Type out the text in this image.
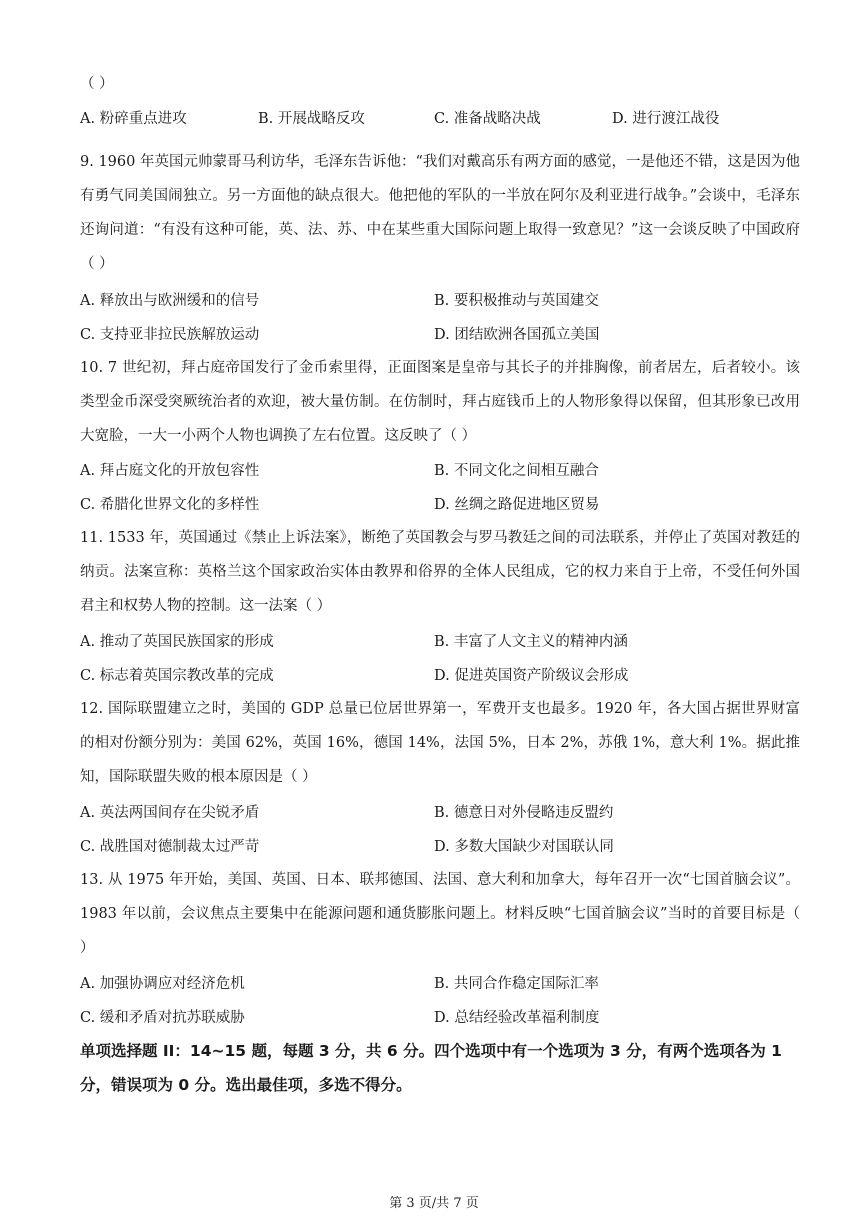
（ ）
A. 粉碎重点进攻	B. 开展战略反攻	C. 准备战略决战	D. 进行渡江战役
9. 1960 年英国元帅蒙哥马利访华，毛泽东告诉他：“我们对戴高乐有两方面的感觉，一是他还不错，这是因为他有勇气同美国闹独立。另一方面他的缺点很大。他把他的军队的一半放在阿尔及利亚进行战争。”会谈中，毛泽东还询问道：“有没有这种可能，英、法、苏、中在某些重大国际问题上取得一致意见？”这一会谈反映了中国政府（ ）
A. 释放出与欧洲缓和的信号	B. 要积极推动与英国建交
C. 支持亚非拉民族解放运动	D. 团结欧洲各国孤立美国
10. 7 世纪初，拜占庭帝国发行了金币索里得，正面图案是皇帝与其长子的并排胸像，前者居左，后者较小。该类型金币深受突厥统治者的欢迎，被大量仿制。在仿制时，拜占庭钱币上的人物形象得以保留，但其形象已改用大宽脸，一大一小两个人物也调换了左右位置。这反映了（ ）
A. 拜占庭文化的开放包容性	B. 不同文化之间相互融合
C. 希腊化世界文化的多样性	D. 丝绸之路促进地区贸易
11. 1533 年，英国通过《禁止上诉法案》，断绝了英国教会与罗马教廷之间的司法联系，并停止了英国对教廷的纳贡。法案宣称：英格兰这个国家政治实体由教界和俗界的全体人民组成，它的权力来自于上帝，不受任何外国君主和权势人物的控制。这一法案（ ）
A. 推动了英国民族国家的形成	B. 丰富了人文主义的精神内涵
C. 标志着英国宗教改革的完成	D. 促进英国资产阶级议会形成
12. 国际联盟建立之时，美国的 GDP 总量已位居世界第一，军费开支也最多。1920 年，各大国占据世界财富的相对份额分别为：美国 62%，英国 16%，德国 14%，法国 5%，日本 2%，苏俄 1%，意大利 1%。据此推知，国际联盟失败的根本原因是（ ）
A. 英法两国间存在尖锐矛盾	B. 德意日对外侵略违反盟约
C. 战胜国对德制裁太过严苛	D. 多数大国缺少对国联认同
13. 从 1975 年开始，美国、英国、日本、联邦德国、法国、意大利和加拿大，每年召开一次“七国首脑会议”。1983 年以前，会议焦点主要集中在能源问题和通货膨胀问题上。材料反映“七国首脑会议”当时的首要目标是（ ）
A. 加强协调应对经济危机	B. 共同合作稳定国际汇率
C. 缓和矛盾对抗苏联威胁	D. 总结经验改革福利制度
单项选择题 II：14~15 题，每题 3 分，共 6 分。四个选项中有一个选项为 3 分，有两个选项各为 1 分，错误项为 0 分。选出最佳项，多选不得分。
第 3 页/共 7 页
